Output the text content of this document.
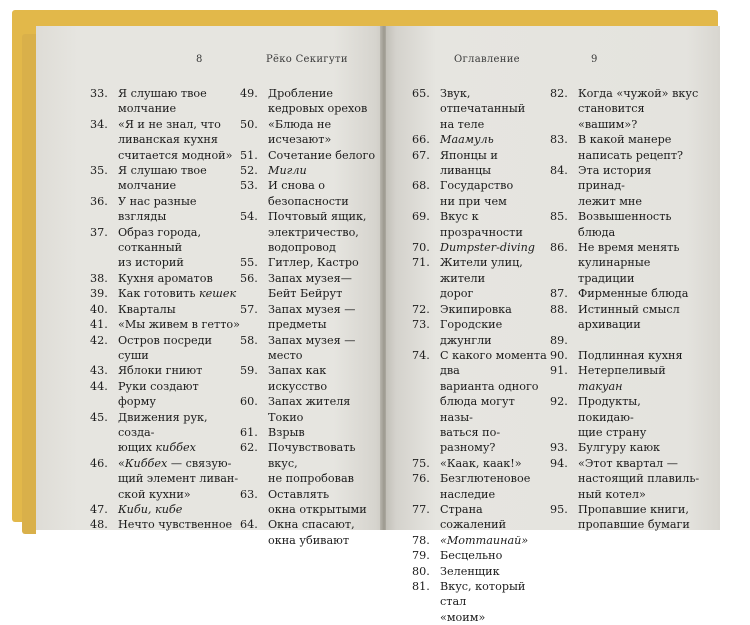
8	Рёко Секигути
33. Я слушаю твое
молчание
34. «Я и не знал, что
ливанская кухня
считается модной»
35. Я слушаю твое
молчание
36. У нас разные взгляды
37. Образ города,
сотканный
из историй
38. Кухня ароматов
39. Как готовить кешек
40. Кварталы
41. «Мы живем в гетто»
42. Остров посреди суши
43. Яблоки гниют
44. Руки создают форму
45. Движения рук, созда-
ющих киббех
46. «Киббех — связую-
щий элемент ливан-
ской кухни»
47. Киби, кибе
48. Нечто чувственное
49. Дробление
кедровых орехов
50. «Блюда не исчезают»
51. Сочетание белого
52. Мигли
53. И снова о безопасности
54. Почтовый ящик,
электричество,
водопровод
55. Гитлер, Кастро
56. Запах музея—
Бейт Бейрут
57. Запах музея —
предметы
58. Запах музея —
место
59. Запах как искусство
60. Запах жителя Токио
61. Взрыв
62. Почувствовать вкус,
не попробовав
63. Оставлять
окна открытыми
64. Окна спасают,
окна убивают
Оглавление	9
65. Звук, отпечатанный
на теле
66. Маамуль
67. Японцы и ливанцы
68. Государство
ни при чем
69. Вкус к прозрачности
70. Dumpster-diving
71. Жители улиц, жители
дорог
72. Экипировка
73. Городские джунгли
74. С какого момента два
варианта одного
блюда могут назы-
ваться по-разному?
75. «Каак, каак!»
76. Безглютеновое
наследие
77. Страна сожалений
78. «Моттаинай»
79. Бесцельно
80. Зеленщик
81. Вкус, который стал
«моим»
82. Когда «чужой» вкус
становится «вашим»?
83. В какой манере
написать рецепт?
84. Эта история принад-
лежит мне
85. Возвышенность
блюда
86. Не время менять
кулинарные традиции
87. Фирменные блюда
88. Истинный смысл
архивации
89.

90. Подлинная кухня
91. Нетерпеливый
такуан
92. Продукты, покидаю-
щие страну
93. Булгуру каюк
94. «Этот квартал —
настоящий плавиль-
ный котел»
95. Пропавшие книги,
пропавшие бумаги
